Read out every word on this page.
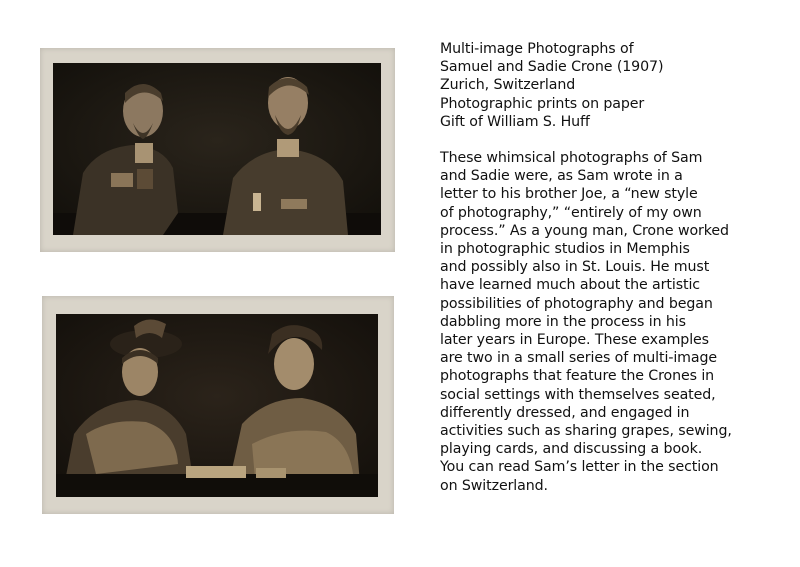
Multi-image Photographs of
Samuel and Sadie Crone (1907)
Zurich, Switzerland
Photographic prints on paper
Gift of William S. Huff
These whimsical photographs of Sam
and Sadie were, as Sam wrote in a
letter to his brother Joe, a “new style
of photography,” “entirely of my own
process.” As a young man, Crone worked
in photographic studios in Memphis
and possibly also in St. Louis. He must
have learned much about the artistic
possibilities of photography and began
dabbling more in the process in his
later years in Europe. These examples
are two in a small series of multi-image
photographs that feature the Crones in
social settings with themselves seated,
differently dressed, and engaged in
activities such as sharing grapes, sewing,
playing cards, and discussing a book.
You can read Sam’s letter in the section
on Switzerland.
